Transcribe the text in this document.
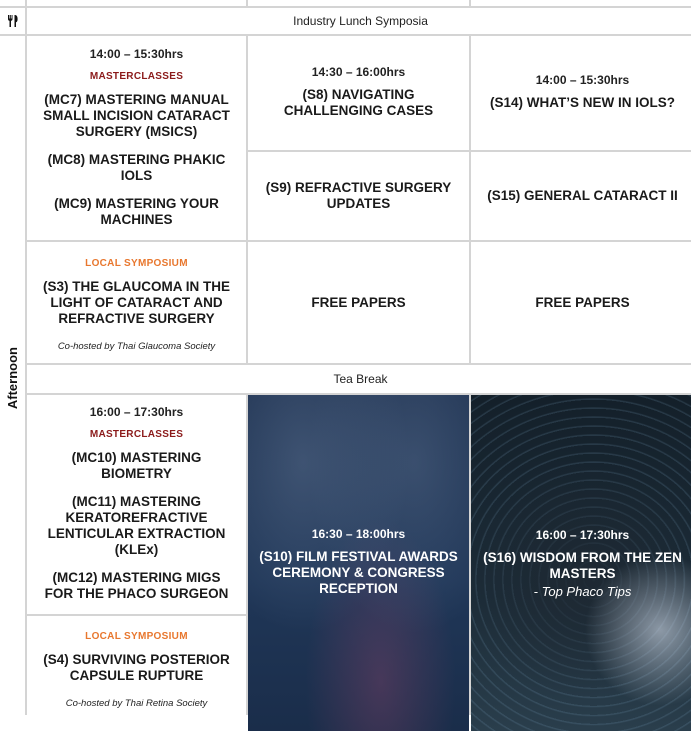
Industry Lunch Symposia
Afternoon
14:00 – 15:30hrs
MASTERCLASSES
(MC7) MASTERING MANUAL SMALL INCISION CATARACT SURGERY (MSICS)
(MC8) MASTERING PHAKIC IOLS
(MC9) MASTERING YOUR MACHINES
14:30 – 16:00hrs
(S8) NAVIGATING CHALLENGING CASES
14:00 – 15:30hrs
(S14) WHAT’S NEW IN IOLS?
(S9) REFRACTIVE SURGERY UPDATES
(S15) GENERAL CATARACT II
LOCAL SYMPOSIUM
(S3) THE GLAUCOMA IN THE LIGHT OF CATARACT AND REFRACTIVE SURGERY
Co-hosted by Thai Glaucoma Society
FREE PAPERS	FREE PAPERS
Tea Break
16:00 – 17:30hrs
MASTERCLASSES
(MC10) MASTERING BIOMETRY
(MC11) MASTERING KERATOREFRACTIVE LENTICULAR EXTRACTION (KLEx)
(MC12) MASTERING MIGS FOR THE PHACO SURGEON
16:30 – 18:00hrs
(S10) FILM FESTIVAL AWARDS CEREMONY & CONGRESS RECEPTION
16:00 – 17:30hrs
(S16) WISDOM FROM THE ZEN MASTERS
- Top Phaco Tips
LOCAL SYMPOSIUM
(S4) SURVIVING POSTERIOR CAPSULE RUPTURE
Co-hosted by Thai Retina Society
